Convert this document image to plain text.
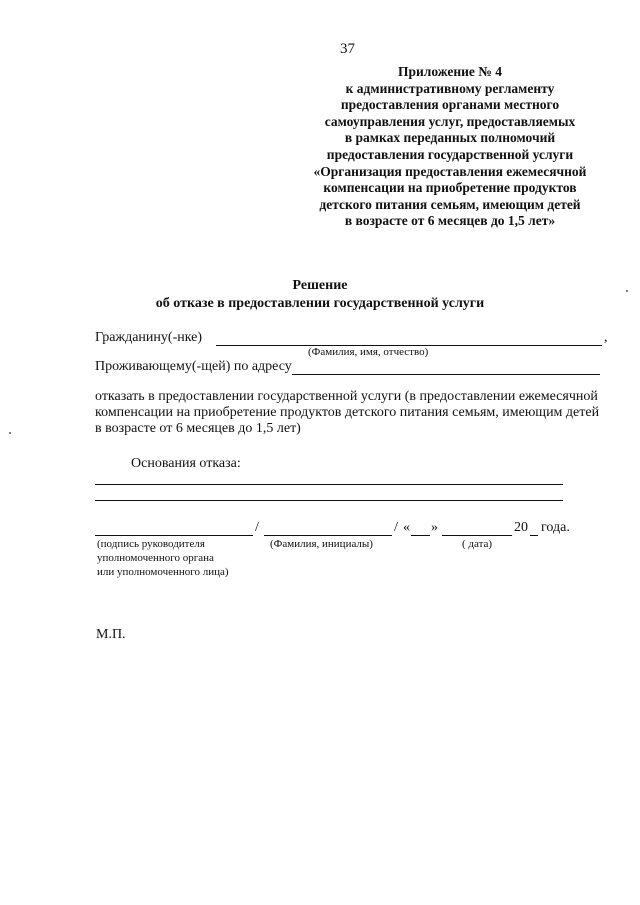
37
Приложение № 4
к административному регламенту
предоставления органами местного
самоуправления услуг, предоставляемых
в рамках переданных полномочий
предоставления государственной услуги
«Организация предоставления ежемесячной
компенсации на приобретение продуктов
детского питания семьям, имеющим детей
в возрасте от 6 месяцев до 1,5 лет»
Решение
об отказе в предоставлении государственной услуги
Гражданину(-нке)	,
(Фамилия, имя, отчество)
Проживающему(-щей) по адресу
отказать в предоставлении государственной услуги (в предоставлении ежемесячной
компенсации на приобретение продуктов детского питания семьям, имеющим детей
в возрасте от 6 месяцев до 1,5 лет)
Основания отказа:
/	/ « »	20 года.
(подпись руководителя
уполномоченного органа
или уполномоченного лица)
(Фамилия, инициалы)	( дата)
М.П.
